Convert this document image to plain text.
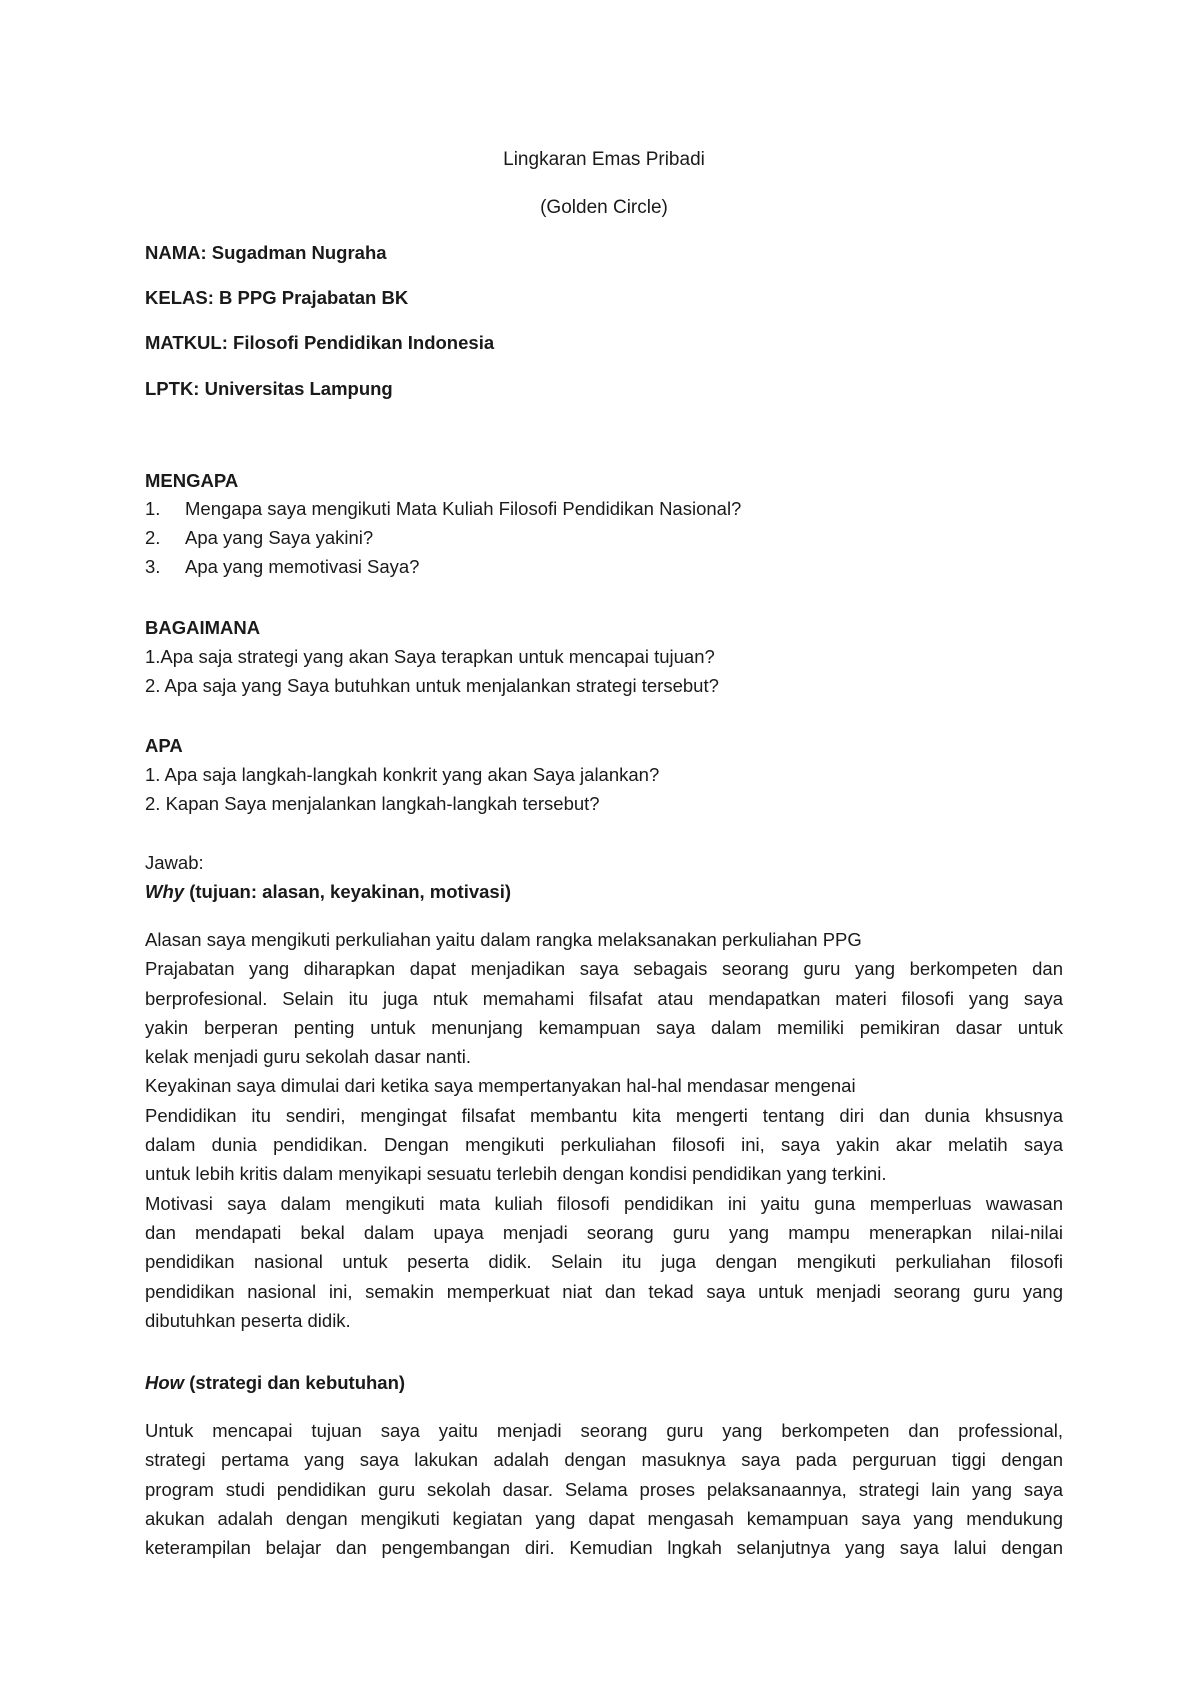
Lingkaran Emas Pribadi
(Golden Circle)
NAMA: Sugadman Nugraha
KELAS: B PPG Prajabatan BK
MATKUL: Filosofi Pendidikan Indonesia
LPTK: Universitas Lampung
MENGAPA
1. Mengapa saya mengikuti Mata Kuliah Filosofi Pendidikan Nasional?
2. Apa yang Saya yakini?
3. Apa yang memotivasi Saya?
BAGAIMANA
1.Apa saja strategi yang akan Saya terapkan untuk mencapai tujuan?
2. Apa saja yang Saya butuhkan untuk menjalankan strategi tersebut?
APA
1. Apa saja langkah-langkah konkrit yang akan Saya jalankan?
2. Kapan Saya menjalankan langkah-langkah tersebut?
Jawab:
Why (tujuan: alasan, keyakinan, motivasi)
Alasan saya mengikuti perkuliahan yaitu dalam rangka melaksanakan perkuliahan PPG
Prajabatan yang diharapkan dapat menjadikan saya sebagais seorang guru yang berkompeten dan
berprofesional. Selain itu juga ntuk memahami filsafat atau mendapatkan materi filosofi yang saya
yakin berperan penting untuk menunjang kemampuan saya dalam memiliki pemikiran dasar untuk
kelak menjadi guru sekolah dasar nanti.
Keyakinan saya dimulai dari ketika saya mempertanyakan hal-hal mendasar mengenai
Pendidikan itu sendiri, mengingat filsafat membantu kita mengerti tentang diri dan dunia khsusnya
dalam dunia pendidikan. Dengan mengikuti perkuliahan filosofi ini, saya yakin akar melatih saya
untuk lebih kritis dalam menyikapi sesuatu terlebih dengan kondisi pendidikan yang terkini.
Motivasi saya dalam mengikuti mata kuliah filosofi pendidikan ini yaitu guna memperluas wawasan
dan mendapati bekal dalam upaya menjadi seorang guru yang mampu menerapkan nilai-nilai
pendidikan nasional untuk peserta didik. Selain itu juga dengan mengikuti perkuliahan filosofi
pendidikan nasional ini, semakin memperkuat niat dan tekad saya untuk menjadi seorang guru yang
dibutuhkan peserta didik.
How (strategi dan kebutuhan)
Untuk mencapai tujuan saya yaitu menjadi seorang guru yang berkompeten dan professional,
strategi pertama yang saya lakukan adalah dengan masuknya saya pada perguruan tiggi dengan
program studi pendidikan guru sekolah dasar. Selama proses pelaksanaannya, strategi lain yang saya
akukan adalah dengan mengikuti kegiatan yang dapat mengasah kemampuan saya yang mendukung
keterampilan belajar dan pengembangan diri. Kemudian lngkah selanjutnya yang saya lalui dengan
